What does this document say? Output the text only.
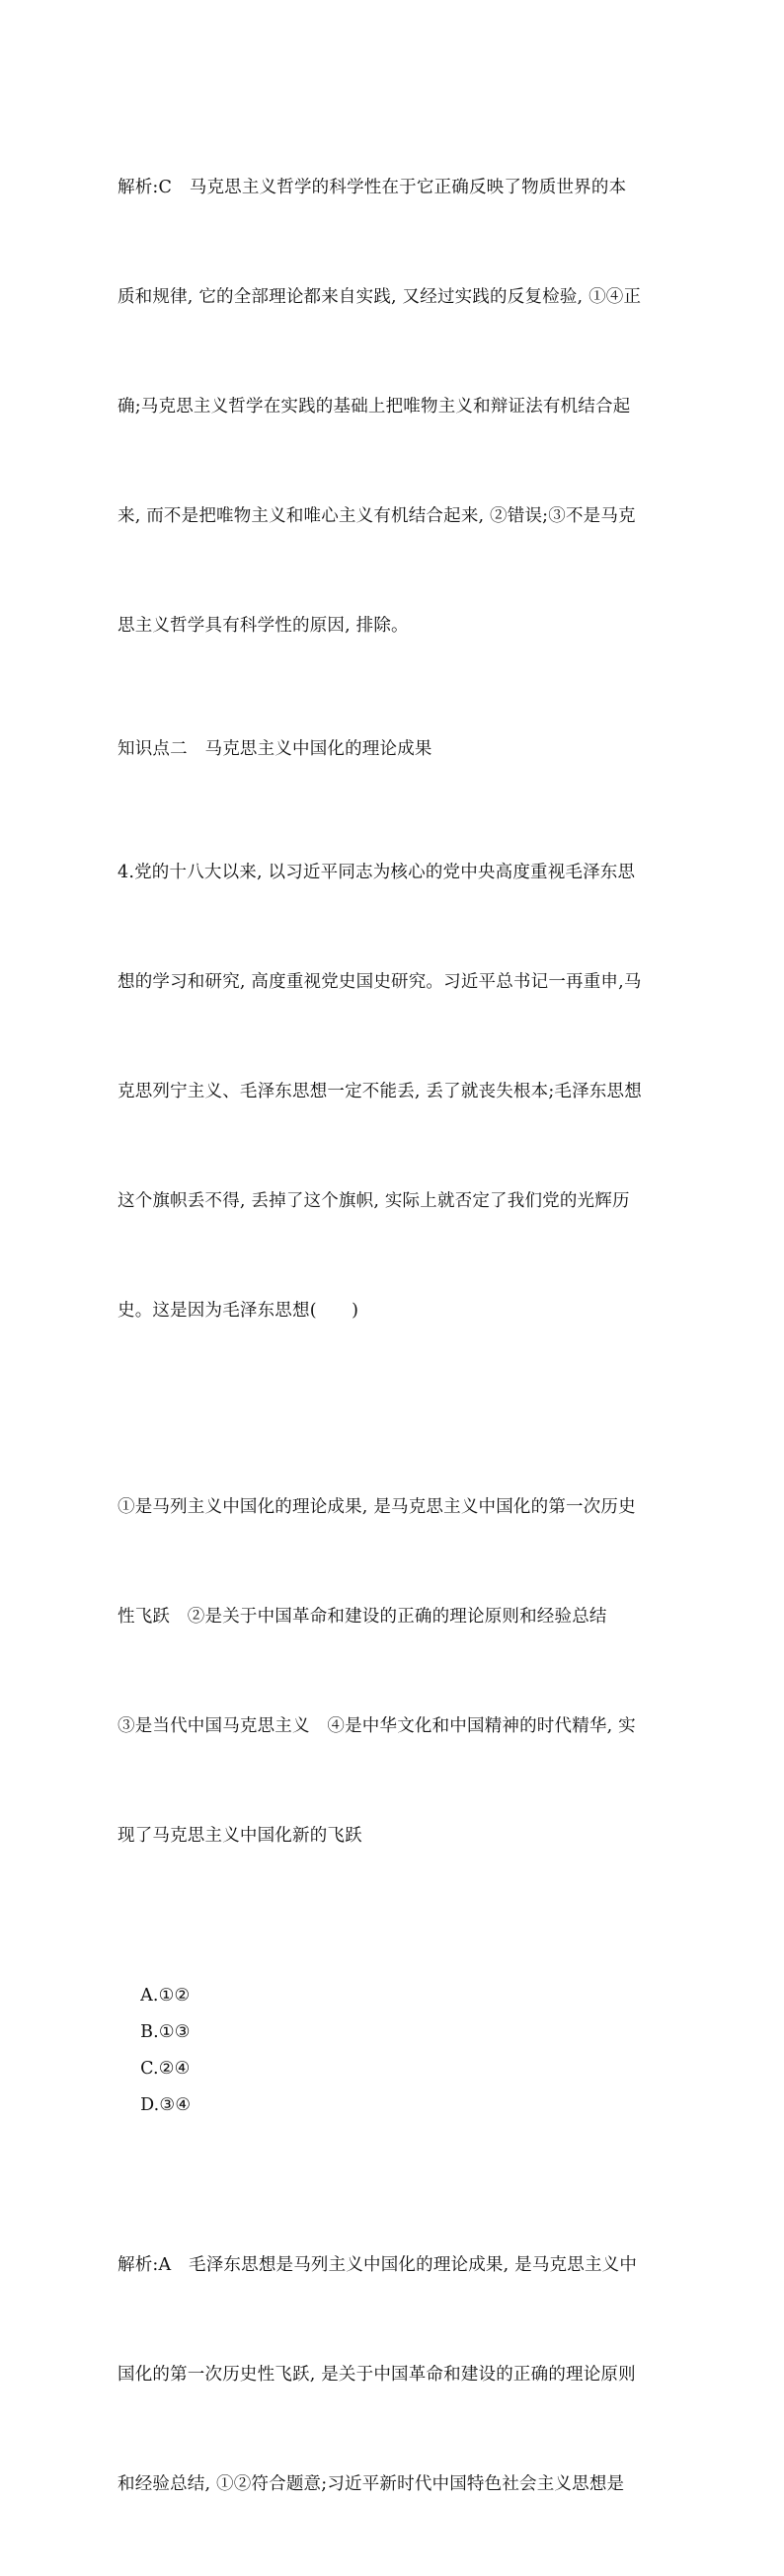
解析:C　马克思主义哲学的科学性在于它正确反映了物质世界的本

质和规律, 它的全部理论都来自实践, 又经过实践的反复检验, ①④正

确;马克思主义哲学在实践的基础上把唯物主义和辩证法有机结合起

来, 而不是把唯物主义和唯心主义有机结合起来, ②错误;③不是马克

思主义哲学具有科学性的原因, 排除。

知识点二　马克思主义中国化的理论成果

4.党的十八大以来, 以习近平同志为核心的党中央高度重视毛泽东思

想的学习和研究, 高度重视党史国史研究。习近平总书记一再重申,马

克思列宁主义、毛泽东思想一定不能丢, 丢了就丧失根本;毛泽东思想

这个旗帜丢不得, 丢掉了这个旗帜, 实际上就否定了我们党的光辉历

史。这是因为毛泽东思想(　　)

①是马列主义中国化的理论成果, 是马克思主义中国化的第一次历史

性飞跃　②是关于中国革命和建设的正确的理论原则和经验总结

③是当代中国马克思主义　④是中华文化和中国精神的时代精华, 实

现了马克思主义中国化新的飞跃

A.①②
B.①③
C.②④
D.③④

解析:A　毛泽东思想是马列主义中国化的理论成果, 是马克思主义中

国化的第一次历史性飞跃, 是关于中国革命和建设的正确的理论原则

和经验总结, ①②符合题意;习近平新时代中国特色社会主义思想是
